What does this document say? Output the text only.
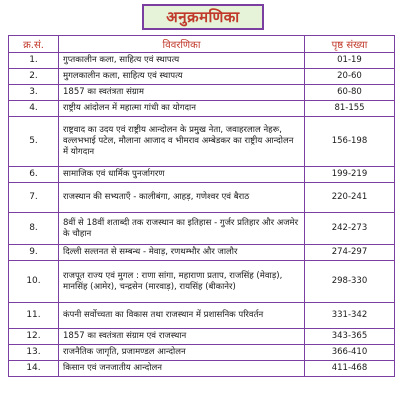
अनुक्रमणिका
क्र.सं.	विवरणिका	पृष्ठ संख्या
1.	गुप्तकालीन कला, साहित्य एवं स्थापत्य	01-19
2.	मुगलकालीन कला, साहित्य एवं स्थापत्य	20-60
3.	1857 का स्वतंत्रता संग्राम	60-80
4.	राष्ट्रीय आंदोलन में महात्मा गांधी का योगदान	81-155
5.	राष्ट्रवाद का उदय एवं राष्ट्रीय आन्दोलन के प्रमुख नेता, जवाहरलाल नेहरू, वल्लभभाई पटेल, मौलाना आजाद व भीमराव अम्बेडकर का राष्ट्रीय आन्दोलन में योगदान	156-198
6.	सामाजिक एवं धार्मिक पुनर्जागरण	199-219
7.	राजस्थान की सभ्यताएँ - कालीबंगा, आहड़, गणेश्वर एवं बैराठ	220-241
8.	8वीं से 18वीं शताब्दी तक राजस्थान का इतिहास - गुर्जर प्रतिहार और अजमेर के चौहान	242-273
9.	दिल्ली सल्तनत से सम्बन्ध - मेवाड़, रणथम्भौर और जालौर	274-297
10.	राजपूत राज्य एवं मुगल : राणा सांगा, महाराणा प्रताप, राजसिंह (मेवाड़), मानसिंह (आमेर), चन्द्रसेन (मारवाड़), रायसिंह (बीकानेर)	298-330
11.	कंपनी सर्वोच्चता का विकास तथा राजस्थान में प्रशासनिक परिवर्तन	331-342
12.	1857 का स्वतंत्रता संग्राम एवं राजस्थान	343-365
13.	राजनैतिक जागृति, प्रजामण्डल आन्दोलन	366-410
14.	किसान एवं जनजातीय आन्दोलन	411-468
